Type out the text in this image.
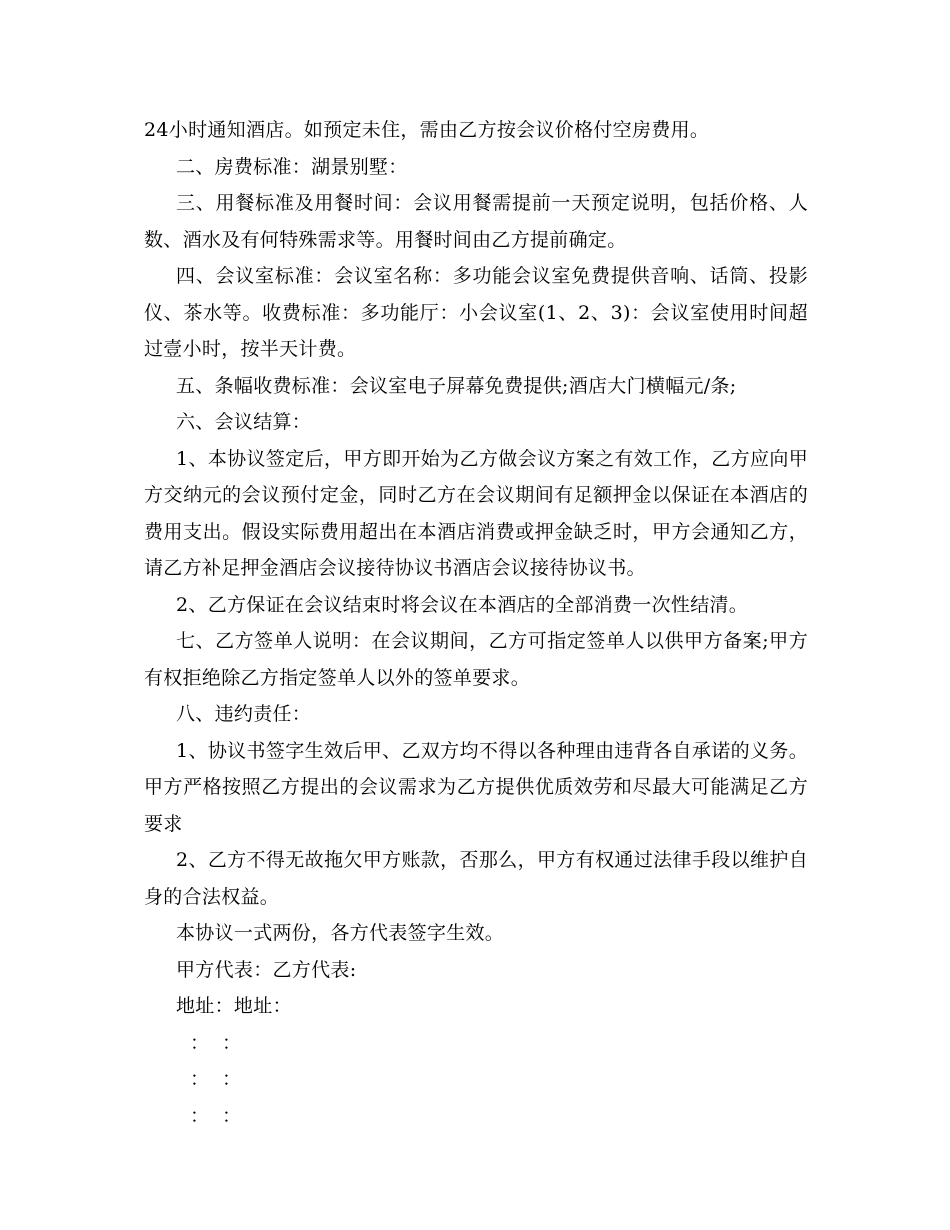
24小时通知酒店。如预定未住，需由乙方按会议价格付空房费用。

二、房费标准：湖景别墅：

三、用餐标准及用餐时间：会议用餐需提前一天预定说明，包括价格、人数、酒水及有何特殊需求等。用餐时间由乙方提前确定。

四、会议室标准：会议室名称：多功能会议室免费提供音响、话筒、投影仪、茶水等。收费标准：多功能厅：小会议室(1、2、3)：会议室使用时间超过壹小时，按半天计费。

五、条幅收费标准：会议室电子屏幕免费提供;酒店大门横幅元/条;

六、会议结算：

1、本协议签定后，甲方即开始为乙方做会议方案之有效工作，乙方应向甲方交纳元的会议预付定金，同时乙方在会议期间有足额押金以保证在本酒店的费用支出。假设实际费用超出在本酒店消费或押金缺乏时，甲方会通知乙方，请乙方补足押金酒店会议接待协议书酒店会议接待协议书。

2、乙方保证在会议结束时将会议在本酒店的全部消费一次性结清。

七、乙方签单人说明：在会议期间，乙方可指定签单人以供甲方备案;甲方有权拒绝除乙方指定签单人以外的签单要求。

八、违约责任：

1、协议书签字生效后甲、乙双方均不得以各种理由违背各自承诺的义务。甲方严格按照乙方提出的会议需求为乙方提供优质效劳和尽最大可能满足乙方要求

2、乙方不得无故拖欠甲方账款，否那么，甲方有权通过法律手段以维护自身的合法权益。

本协议一式两份，各方代表签字生效。

甲方代表：乙方代表:

地址：地址：

：  ：

：  ：

：  ：
